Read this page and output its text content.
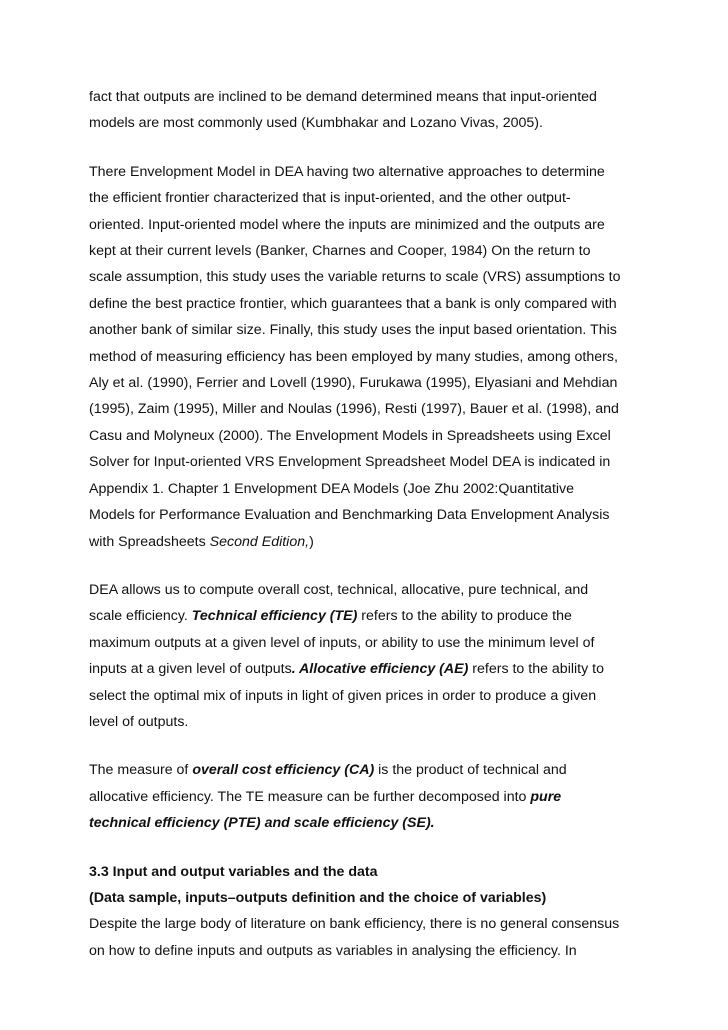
fact that outputs are inclined to be demand determined means that input-oriented
models are most commonly used (Kumbhakar and Lozano Vivas, 2005).

There Envelopment Model in DEA having two alternative approaches to determine
the efficient frontier characterized that is input-oriented, and the other output-
oriented. Input-oriented model where the inputs are minimized and the outputs are
kept at their current levels (Banker, Charnes and Cooper, 1984) On the return to
scale assumption, this study uses the variable returns to scale (VRS) assumptions to
define the best practice frontier, which guarantees that a bank is only compared with
another bank of similar size. Finally, this study uses the input based orientation. This
method of measuring efficiency has been employed by many studies, among others,
Aly et al. (1990), Ferrier and Lovell (1990), Furukawa (1995), Elyasiani and Mehdian
(1995), Zaim (1995), Miller and Noulas (1996), Resti (1997), Bauer et al. (1998), and
Casu and Molyneux (2000). The Envelopment Models in Spreadsheets using Excel
Solver for Input-oriented VRS Envelopment Spreadsheet Model DEA is indicated in
Appendix 1. Chapter 1 Envelopment DEA Models (Joe Zhu 2002:Quantitative
Models for Performance Evaluation and Benchmarking Data Envelopment Analysis
with Spreadsheets Second Edition,)

DEA allows us to compute overall cost, technical, allocative, pure technical, and
scale efficiency. Technical efficiency (TE) refers to the ability to produce the
maximum outputs at a given level of inputs, or ability to use the minimum level of
inputs at a given level of outputs. Allocative efficiency (AE) refers to the ability to
select the optimal mix of inputs in light of given prices in order to produce a given
level of outputs.

The measure of overall cost efficiency (CA) is the product of technical and
allocative efficiency. The TE measure can be further decomposed into pure
technical efficiency (PTE) and scale efficiency (SE).

3.3 Input and output variables and the data
(Data sample, inputs–outputs definition and the choice of variables)

Despite the large body of literature on bank efficiency, there is no general consensus
on how to define inputs and outputs as variables in analysing the efficiency. In
